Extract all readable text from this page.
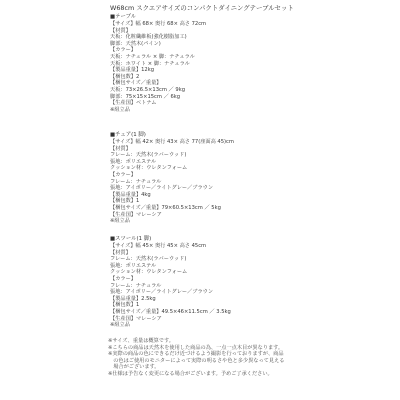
W68cm スクエアサイズのコンパクトダイニングテーブルセット
■テーブル
【サイズ】幅 68× 奥行 68× 高さ 72cm
【材質】
天板：化粧繊維板(強化樹脂加工)
脚部：天然木(パイン)
【カラー】
天板：ナチュラル × 脚：ナチュラル
天板：ホワイト × 脚：ナチュラル
【製品重量】12kg
【梱包数】2
【梱包サイズ／重量】
天板：73×26.5×13cm ／ 9kg
脚部：75×15×15cm ／ 6kg
【生産国】ベトナム
※組立品
■チェア(1 脚)
【サイズ】幅 42× 奥行 43× 高さ 77(座面高 45)cm
【材質】
フレーム：天然木(ラバーウッド)
張地：ポリエステル
クッション材：ウレタンフォーム
【カラー】
フレーム：ナチュラル
張地：アイボリー／ライトグレー／ブラウン
【製品重量】4kg
【梱包数】1
【梱包サイズ／重量】79×60.5×13cm ／ 5kg
【生産国】マレーシア
※組立品
■スツール(1 脚)
【サイズ】幅 45× 奥行 45× 高さ 45cm
【材質】
フレーム：天然木(ラバーウッド)
張地：ポリエステル
クッション材：ウレタンフォーム
【カラー】
フレーム：ナチュラル
張地：アイボリー／ライトグレー／ブラウン
【製品重量】2.5kg
【梱包数】1
【梱包サイズ／重量】49.5×46×11.5cm ／ 3.5kg
【生産国】マレーシア
※組立品
※サイズ、重量は概算です。
※こちらの商品は天然木を使用した商品の為、一点一点木目が異なります。
※実際の商品の色にできるだけ近づけるよう撮影を行っておりますが、商品
　の色はご使用のモニターによって実際の明るさや色と多少異なって見える
　場合がございます。
※仕様は予告なく変更になる場合がございます。予めご了承ください。
